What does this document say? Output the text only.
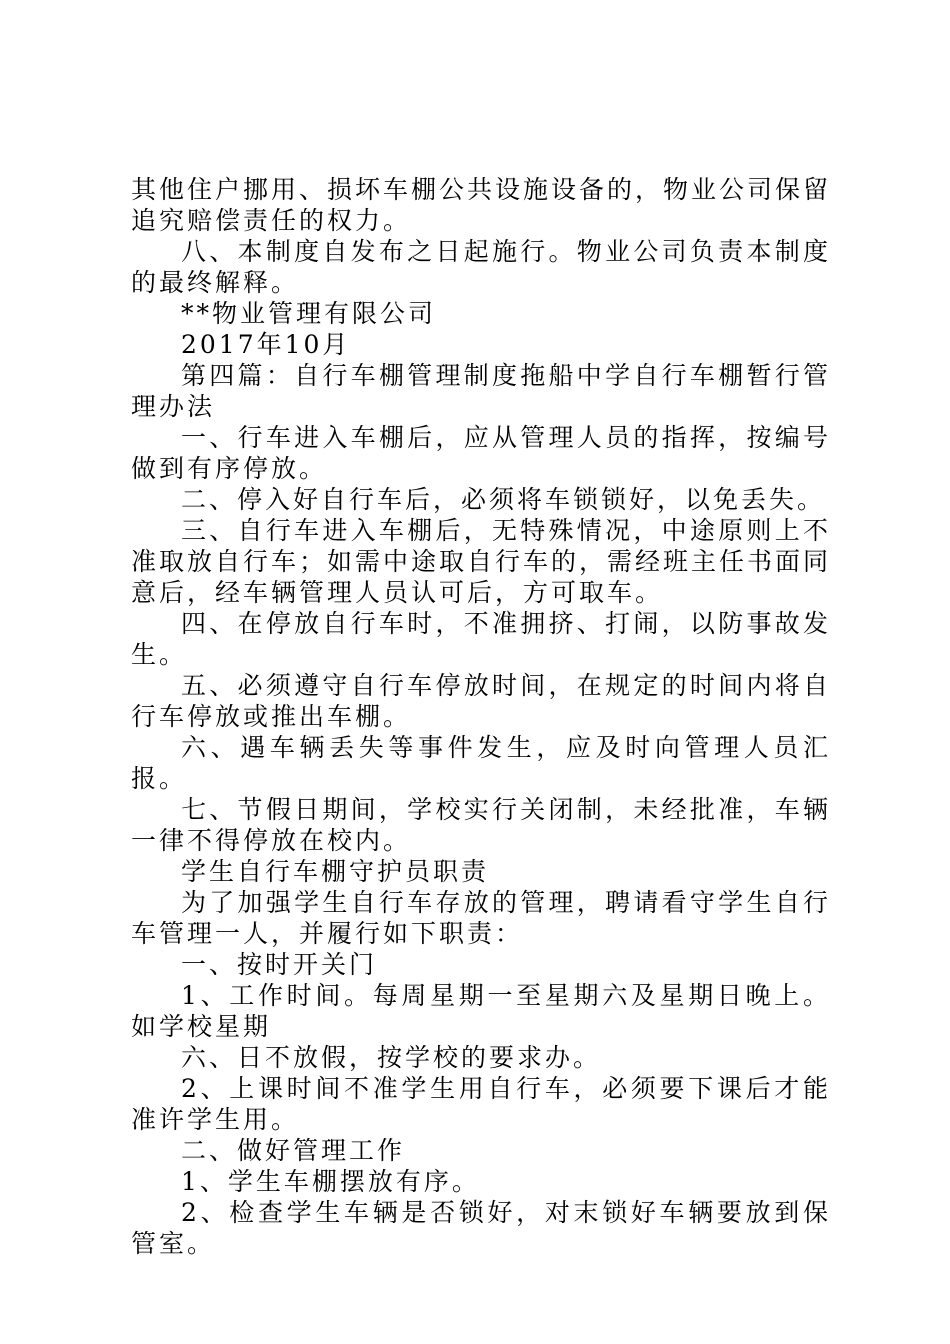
其他住户挪用、损坏车棚公共设施设备的，物业公司保留追究赔偿责任的权力。

八、本制度自发布之日起施行。物业公司负责本制度的最终解释。

**物业管理有限公司

2017年10月

第四篇：自行车棚管理制度拖船中学自行车棚暂行管理办法

一、行车进入车棚后，应从管理人员的指挥，按编号做到有序停放。

二、停入好自行车后，必须将车锁锁好，以免丢失。

三、自行车进入车棚后，无特殊情况，中途原则上不准取放自行车；如需中途取自行车的，需经班主任书面同意后，经车辆管理人员认可后，方可取车。

四、在停放自行车时，不准拥挤、打闹，以防事故发生。

五、必须遵守自行车停放时间，在规定的时间内将自行车停放或推出车棚。

六、遇车辆丢失等事件发生，应及时向管理人员汇报。

七、节假日期间，学校实行关闭制，未经批准，车辆一律不得停放在校内。

学生自行车棚守护员职责

为了加强学生自行车存放的管理，聘请看守学生自行车管理一人，并履行如下职责：

一、按时开关门

1、工作时间。每周星期一至星期六及星期日晚上。如学校星期

六、日不放假，按学校的要求办。

2、上课时间不准学生用自行车，必须要下课后才能准许学生用。

二、做好管理工作

1、学生车棚摆放有序。

2、检查学生车辆是否锁好，对末锁好车辆要放到保管室。
